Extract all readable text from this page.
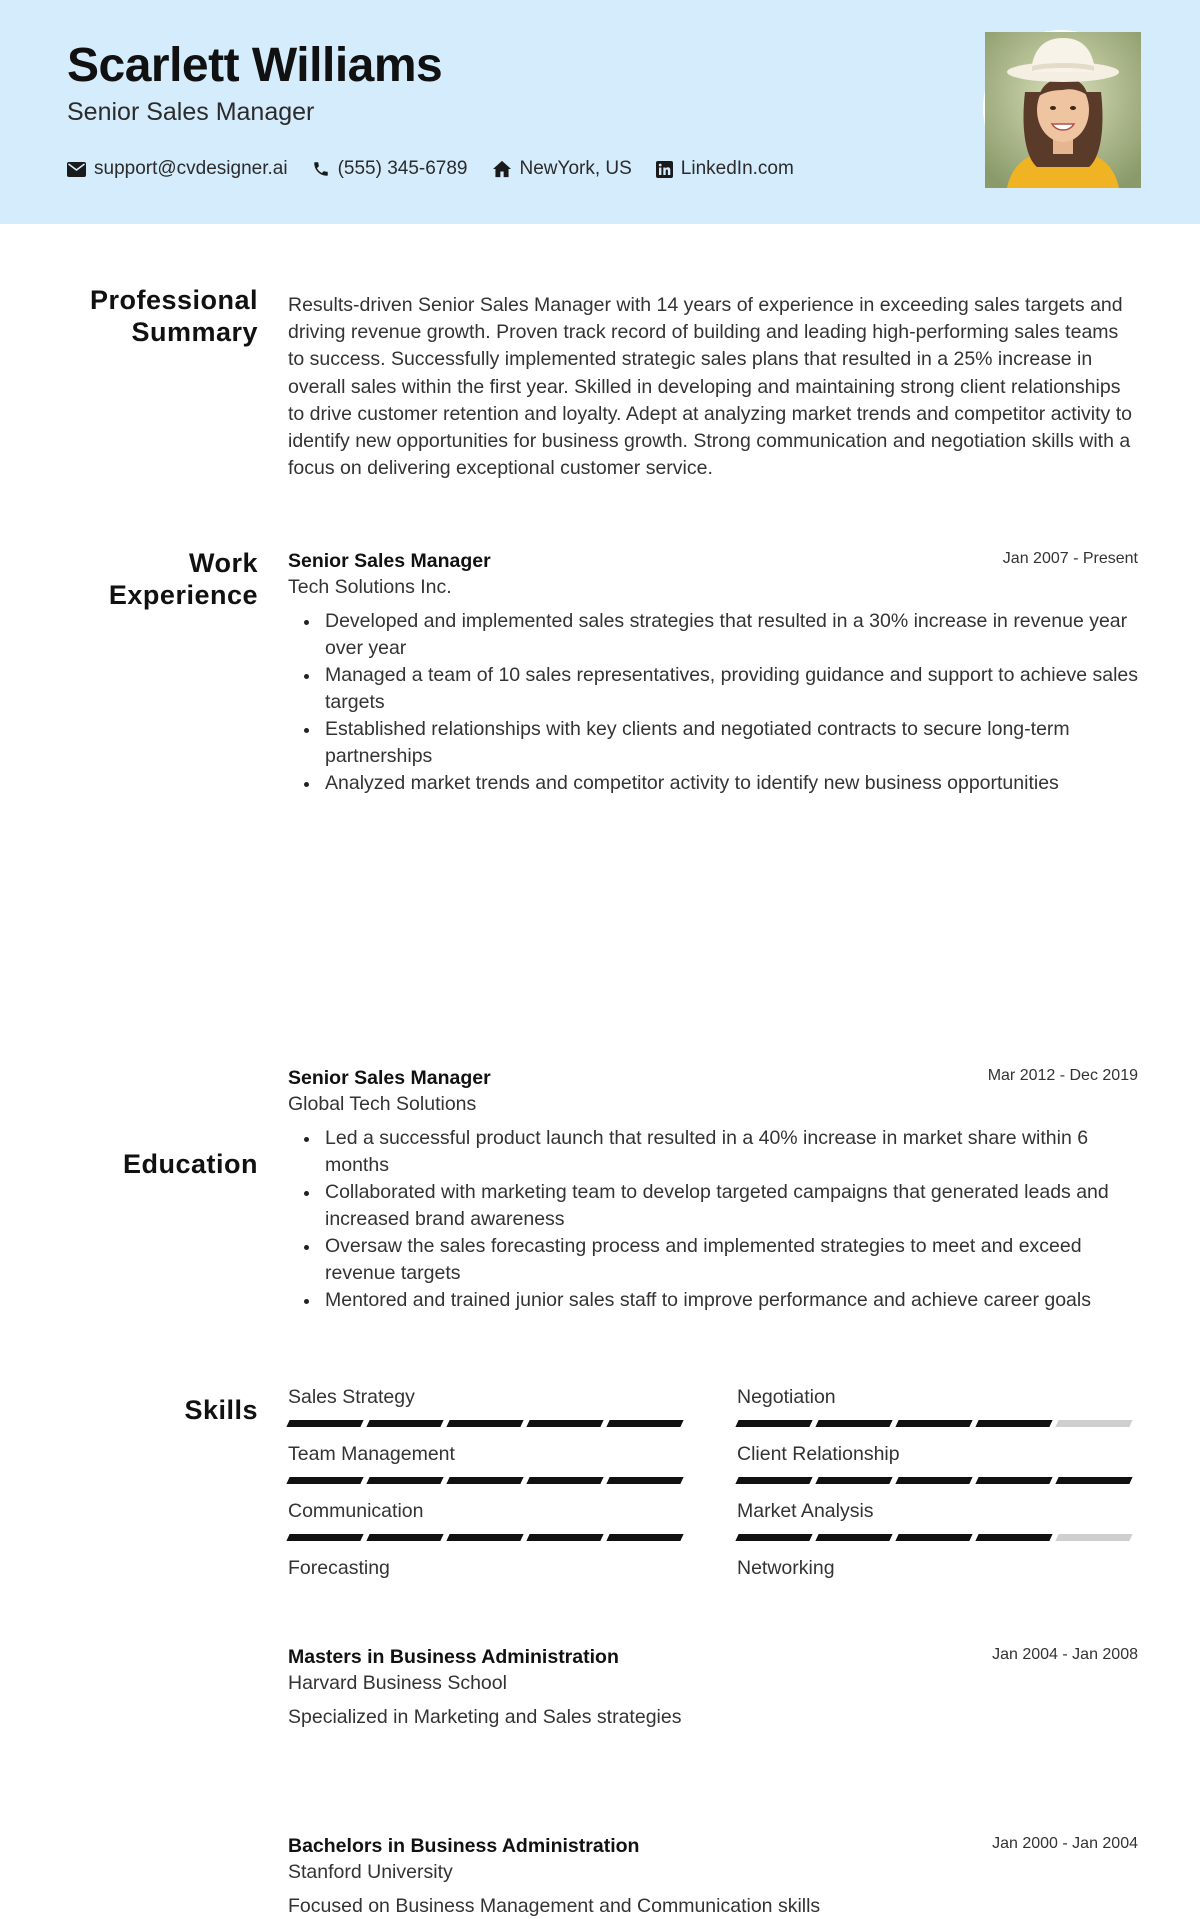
Scarlett Williams
Senior Sales Manager
support@cvdesigner.ai	(555) 345-6789	NewYork, US	LinkedIn.com
Professional
Summary
Results-driven Senior Sales Manager with 14 years of experience in exceeding sales targets and driving revenue growth. Proven track record of building and leading high-performing sales teams to success. Successfully implemented strategic sales plans that resulted in a 25% increase in overall sales within the first year. Skilled in developing and maintaining strong client relationships to drive customer retention and loyalty. Adept at analyzing market trends and competitor activity to identify new opportunities for business growth. Strong communication and negotiation skills with a focus on delivering exceptional customer service.
Work
Experience
Senior Sales Manager	Jan 2007 - Present
Tech Solutions Inc.
Developed and implemented sales strategies that resulted in a 30% increase in revenue year over year
Managed a team of 10 sales representatives, providing guidance and support to achieve sales targets
Established relationships with key clients and negotiated contracts to secure long-term partnerships
Analyzed market trends and competitor activity to identify new business opportunities
Senior Sales Manager	Mar 2012 - Dec 2019
Global Tech Solutions
Led a successful product launch that resulted in a 40% increase in market share within 6 months
Collaborated with marketing team to develop targeted campaigns that generated leads and increased brand awareness
Oversaw the sales forecasting process and implemented strategies to meet and exceed revenue targets
Mentored and trained junior sales staff to improve performance and achieve career goals
Education
Masters in Business Administration	Jan 2004 - Jan 2008
Harvard Business School
Specialized in Marketing and Sales strategies
Bachelors in Business Administration	Jan 2000 - Jan 2004
Stanford University
Focused on Business Management and Communication skills
Skills Sales Strategy	Negotiation
Team Management	Client Relationship
Communication	Market Analysis
Forecasting	Networking
